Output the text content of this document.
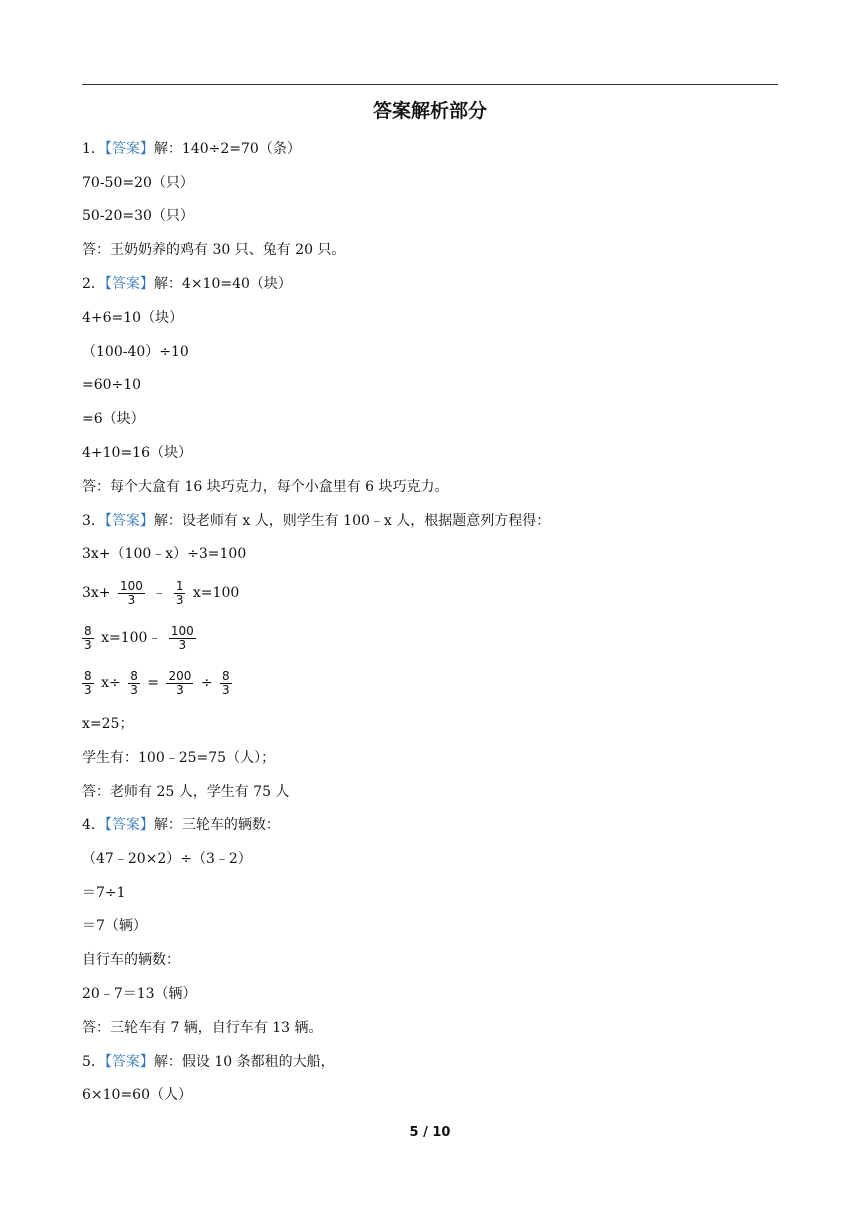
答案解析部分
1．【答案】解：140÷2=70（条）
70-50=20（只）
50-20=30（只）
答：王奶奶养的鸡有 30 只、兔有 20 只。
2．【答案】解：4×10=40（块）
4+6=10（块）
（100-40）÷10
=60÷10
=6（块）
4+10=16（块）
答：每个大盒有 16 块巧克力，每个小盒里有 6 块巧克力。
3．【答案】解：设老师有 x 人，则学生有 100﹣x 人，根据题意列方程得：
3x+（100﹣x）÷3=100
$3x+ \frac{100}{3}$ ﹣ $\frac{1}{3} x=100$
$\frac{8}{3}$ x=100﹣ $\frac{100}{3}$
$\frac{8}{3} x\div \frac{8}{3} = \frac{200}{3} \div \frac{8}{3}$
x=25；
学生有：100﹣25=75（人）；
答：老师有 25 人，学生有 75 人
4．【答案】解：三轮车的辆数：
（47﹣20×2）÷（3﹣2）
＝7÷1
＝7（辆）
自行车的辆数：
20﹣7＝13（辆）
答：三轮车有 7 辆，自行车有 13 辆。
5．【答案】解：假设 10 条都租的大船，
6×10=60（人）
5 / 10
